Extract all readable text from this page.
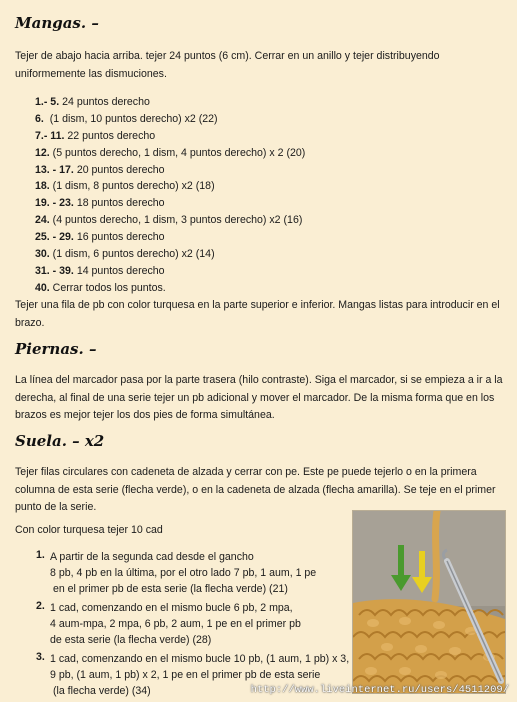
Mangas. –
Tejer de abajo hacia arriba. tejer 24 puntos (6 cm). Cerrar en un anillo y tejer distribuyendo uniformemente las dismuciones.
1.- 5. 24 puntos derecho
6.  (1 dism, 10 puntos derecho) x2 (22)
7.- 11. 22 puntos derecho
12. (5 puntos derecho, 1 dism, 4 puntos derecho) x 2 (20)
13. - 17. 20 puntos derecho
18. (1 dism, 8 puntos derecho) x2 (18)
19. - 23. 18 puntos derecho
24. (4 puntos derecho, 1 dism, 3 puntos derecho) x2 (16)
25. - 29. 16 puntos derecho
30. (1 dism, 6 puntos derecho) x2 (14)
31. - 39. 14 puntos derecho
40. Cerrar todos los puntos.
Tejer una fila de pb con color turquesa en la parte superior e inferior. Mangas listas para introducir en el brazo.
Piernas. –
La línea del marcador pasa por la parte trasera (hilo contraste). Siga el marcador, si se empieza a ir a la derecha, al final de una serie tejer un pb adicional y mover el marcador. De la misma forma que en los brazos es mejor tejer los dos pies de forma simultánea.
Suela. – x2
Tejer filas circulares con cadeneta de alzada y cerrar con pe. Este pe puede tejerlo o en la primera columna de esta serie (flecha verde), o en la cadeneta de alzada (flecha amarilla). Se teje en el primer punto de la serie.
Con color turquesa tejer 10 cad
1. A partir de la segunda cad desde el gancho
8 pb, 4 pb en la última, por el otro lado 7 pb, 1 aum, 1 pe
en el primer pb de esta serie (la flecha verde) (21)
2. 1 cad, comenzando en el mismo bucle 6 pb, 2 mpa,
4 aum-mpa, 2 mpa, 6 pb, 2 aum, 1 pe en el primer pb
de esta serie (la flecha verde) (28)
3. 1 cad, comenzando en el mismo bucle 10 pb, (1 aum, 1 pb) x 3,
9 pb, (1 aum, 1 pb) x 2, 1 pe en el primer pb de esta serie
(la flecha verde) (34)	http://www.liveinternet.ru/users/4511209/
